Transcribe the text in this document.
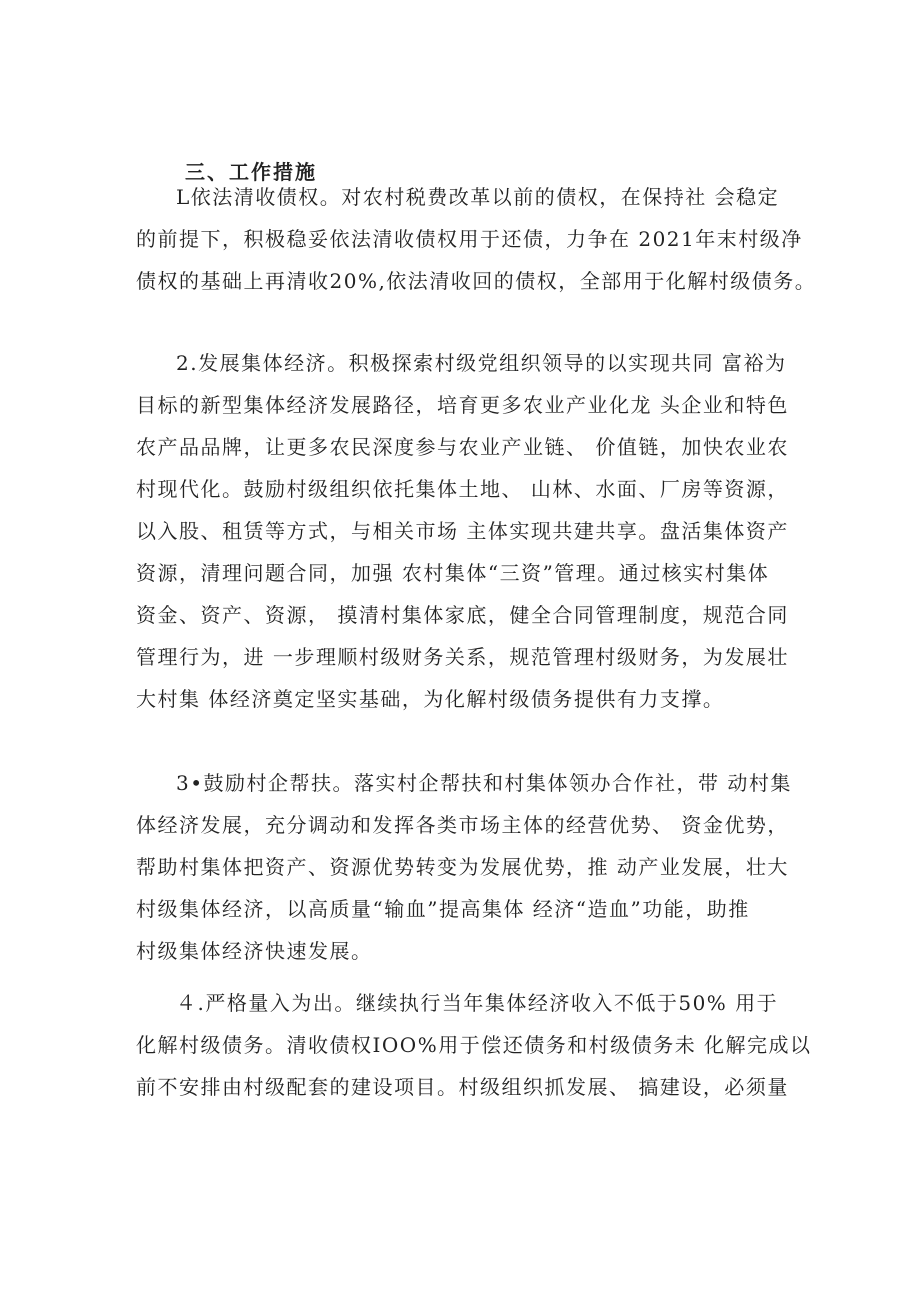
三、工作措施

L依法清收债权。对农村税费改革以前的债权，在保持社 会稳定
的前提下，积极稳妥依法清收债权用于还债，力争在 2021年末村级净
债权的基础上再清收20%,依法清收回的债权，全部用于化解村级债务。

2.发展集体经济。积极探索村级党组织领导的以实现共同 富裕为
目标的新型集体经济发展路径，培育更多农业产业化龙 头企业和特色
农产品品牌，让更多农民深度参与农业产业链、 价值链，加快农业农
村现代化。鼓励村级组织依托集体土地、 山林、水面、厂房等资源，
以入股、租赁等方式，与相关市场 主体实现共建共享。盘活集体资产
资源，清理问题合同，加强 农村集体“三资”管理。通过核实村集体
资金、资产、资源， 摸清村集体家底，健全合同管理制度，规范合同
管理行为，进 一步理顺村级财务关系，规范管理村级财务，为发展壮
大村集 体经济奠定坚实基础，为化解村级债务提供有力支撑。

3•鼓励村企帮扶。落实村企帮扶和村集体领办合作社，带 动村集
体经济发展，充分调动和发挥各类市场主体的经营优势、 资金优势，
帮助村集体把资产、资源优势转变为发展优势，推 动产业发展，壮大
村级集体经济，以高质量“输血”提高集体 经济“造血”功能，助推
村级集体经济快速发展。

４.严格量入为出。继续执行当年集体经济收入不低于50% 用于
化解村级债务。清收债权IOO%用于偿还债务和村级债务未 化解完成以
前不安排由村级配套的建设项目。村级组织抓发展、 搞建设，必须量
